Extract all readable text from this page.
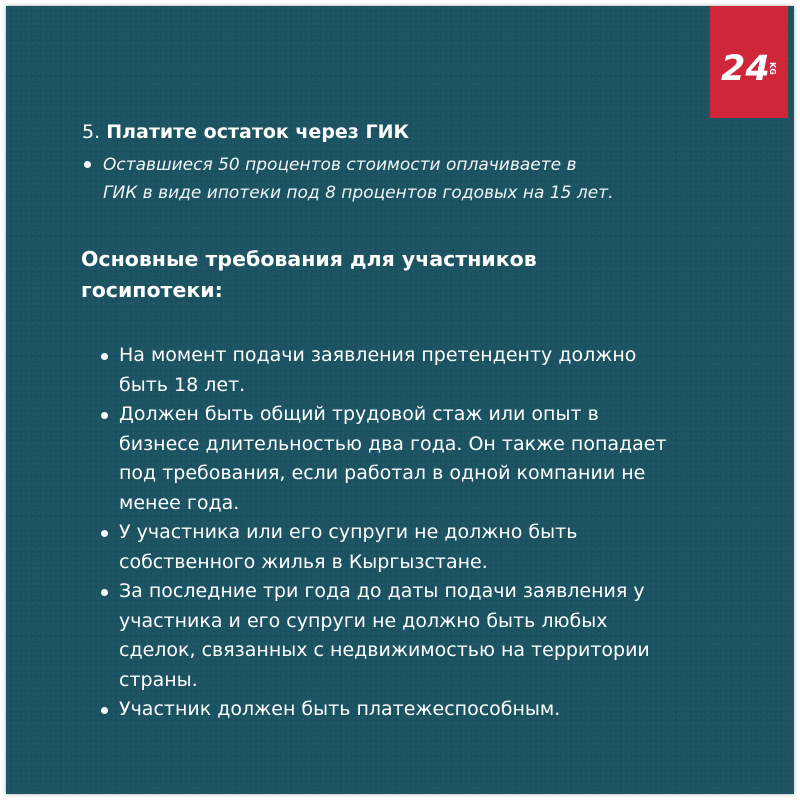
24
KG
5. Платите остаток через ГИК
Оставшиеся 50 процентов стоимости оплачиваете в
ГИК в виде ипотеки под 8 процентов годовых на 15 лет.
Основные требования для участников
госипотеки:
На момент подачи заявления претенденту должно
быть 18 лет.
Должен быть общий трудовой стаж или опыт в
бизнесе длительностью два года. Он также попадает
под требования, если работал в одной компании не
менее года.
У участника или его супруги не должно быть
собственного жилья в Кыргызстане.
За последние три года до даты подачи заявления у
участника и его супруги не должно быть любых
сделок, связанных с недвижимостью на территории
страны.
Участник должен быть платежеспособным.
